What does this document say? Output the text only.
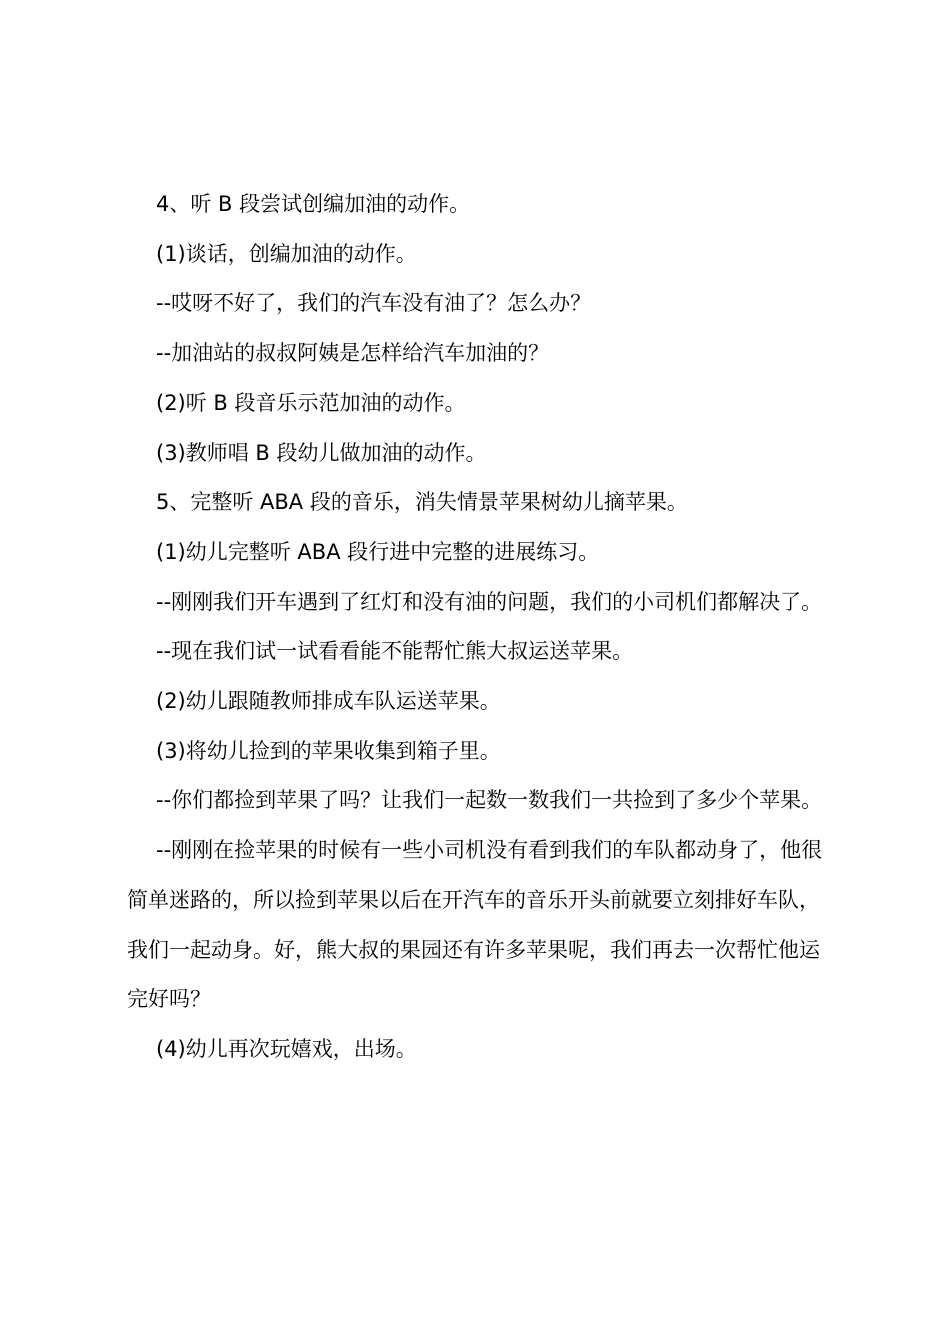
4、听 B 段尝试创编加油的动作。

(1)谈话，创编加油的动作。

--哎呀不好了，我们的汽车没有油了？怎么办？

--加油站的叔叔阿姨是怎样给汽车加油的？

(2)听 B 段音乐示范加油的动作。

(3)教师唱 B 段幼儿做加油的动作。

5、完整听 ABA 段的音乐，消失情景苹果树幼儿摘苹果。

(1)幼儿完整听 ABA 段行进中完整的进展练习。

--刚刚我们开车遇到了红灯和没有油的问题，我们的小司机们都解决了。

--现在我们试一试看看能不能帮忙熊大叔运送苹果。

(2)幼儿跟随教师排成车队运送苹果。

(3)将幼儿捡到的苹果收集到箱子里。

--你们都捡到苹果了吗？让我们一起数一数我们一共捡到了多少个苹果。

--刚刚在捡苹果的时候有一些小司机没有看到我们的车队都动身了，他很简单迷路的，所以捡到苹果以后在开汽车的音乐开头前就要立刻排好车队，我们一起动身。好，熊大叔的果园还有许多苹果呢，我们再去一次帮忙他运完好吗？

(4)幼儿再次玩嬉戏，出场。
